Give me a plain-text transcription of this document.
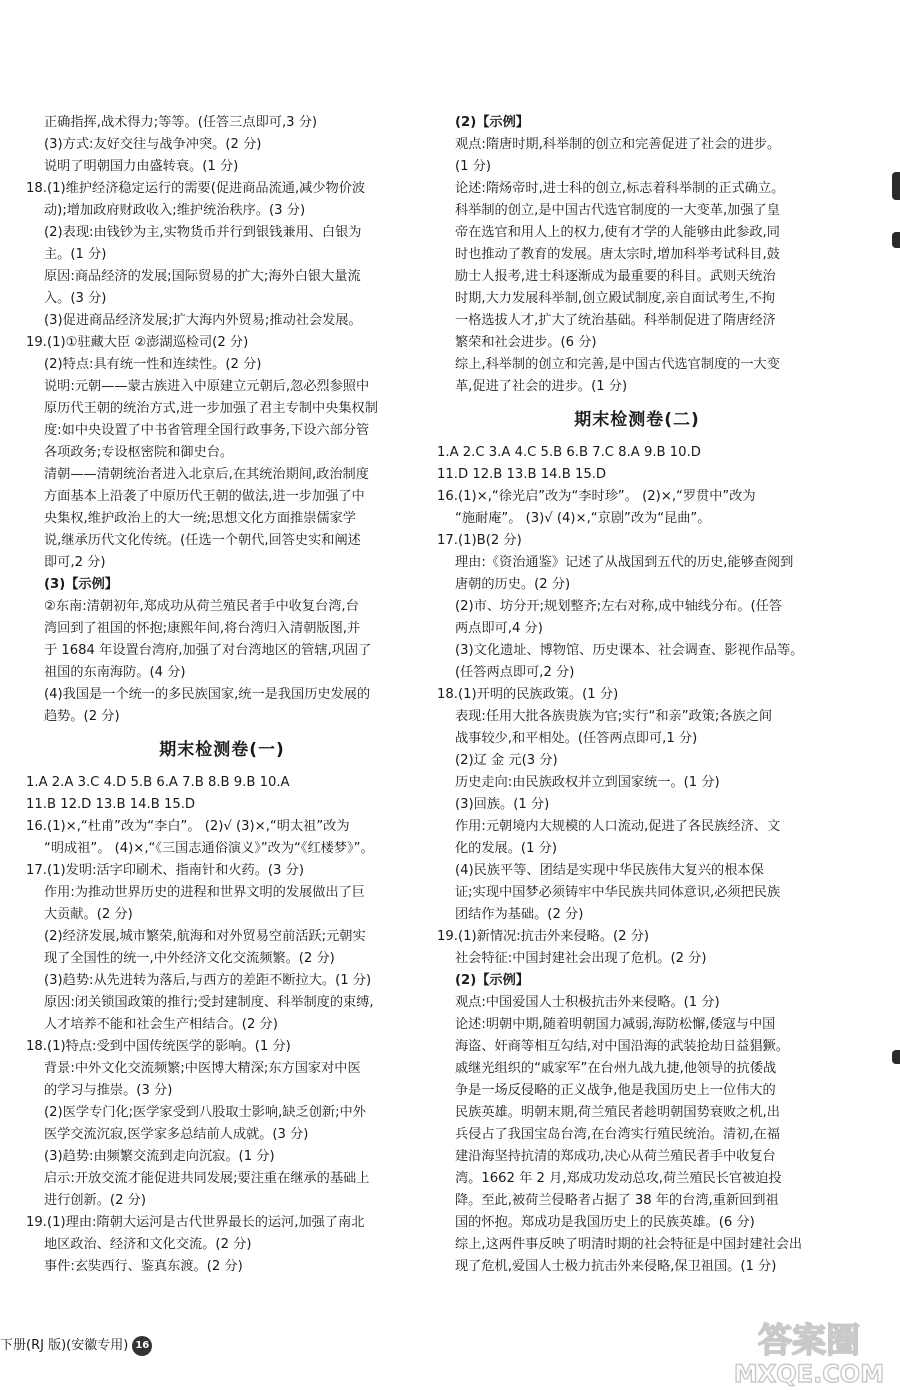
正确指挥,战术得力;等等。(任答三点即可,3 分)
(3)方式:友好交往与战争冲突。(2 分)
说明了明朝国力由盛转衰。(1 分)
18.(1)维护经济稳定运行的需要(促进商品流通,减少物价波
动);增加政府财政收入;维护统治秩序。(3 分)
(2)表现:由钱钞为主,实物货币并行到银钱兼用、白银为
主。(1 分)
原因:商品经济的发展;国际贸易的扩大;海外白银大量流
入。(3 分)
(3)促进商品经济发展;扩大海内外贸易;推动社会发展。
19.(1)①驻藏大臣 ②澎湖巡检司(2 分)
(2)特点:具有统一性和连续性。(2 分)
说明:元朝——蒙古族进入中原建立元朝后,忽必烈参照中
原历代王朝的统治方式,进一步加强了君主专制中央集权制
度:如中央设置了中书省管理全国行政事务,下设六部分管
各项政务;专设枢密院和御史台。
清朝——清朝统治者进入北京后,在其统治期间,政治制度
方面基本上沿袭了中原历代王朝的做法,进一步加强了中
央集权,维护政治上的大一统;思想文化方面推崇儒家学
说,继承历代文化传统。(任选一个朝代,回答史实和阐述
即可,2 分)
(3)【示例】
②东南:清朝初年,郑成功从荷兰殖民者手中收复台湾,台
湾回到了祖国的怀抱;康熙年间,将台湾归入清朝版图,并
于 1684 年设置台湾府,加强了对台湾地区的管辖,巩固了
祖国的东南海防。(4 分)
(4)我国是一个统一的多民族国家,统一是我国历史发展的
趋势。(2 分)
期末检测卷(一)
1.A 2.A 3.C 4.D 5.B 6.A 7.B 8.B 9.B 10.A
11.B 12.D 13.B 14.B 15.D
16.(1)×,“杜甫”改为“李白”。 (2)√ (3)×,“明太祖”改为
“明成祖”。 (4)×,“《三国志通俗演义》”改为“《红楼梦》”。
17.(1)发明:活字印刷术、指南针和火药。(3 分)
作用:为推动世界历史的进程和世界文明的发展做出了巨
大贡献。(2 分)
(2)经济发展,城市繁荣,航海和对外贸易空前活跃;元朝实
现了全国性的统一,中外经济文化交流频繁。(2 分)
(3)趋势:从先进转为落后,与西方的差距不断拉大。(1 分)
原因:闭关锁国政策的推行;受封建制度、科举制度的束缚,
人才培养不能和社会生产相结合。(2 分)
18.(1)特点:受到中国传统医学的影响。(1 分)
背景:中外文化交流频繁;中医博大精深;东方国家对中医
的学习与推崇。(3 分)
(2)医学专门化;医学家受到八股取士影响,缺乏创新;中外
医学交流沉寂,医学家多总结前人成就。(3 分)
(3)趋势:由频繁交流到走向沉寂。(1 分)
启示:开放交流才能促进共同发展;要注重在继承的基础上
进行创新。(2 分)
19.(1)理由:隋朝大运河是古代世界最长的运河,加强了南北
地区政治、经济和文化交流。(2 分)
事件:玄奘西行、鉴真东渡。(2 分)
(2)【示例】
观点:隋唐时期,科举制的创立和完善促进了社会的进步。
(1 分)
论述:隋炀帝时,进士科的创立,标志着科举制的正式确立。
科举制的创立,是中国古代选官制度的一大变革,加强了皇
帝在选官和用人上的权力,使有才学的人能够由此参政,同
时也推动了教育的发展。唐太宗时,增加科举考试科目,鼓
励士人报考,进士科逐渐成为最重要的科目。武则天统治
时期,大力发展科举制,创立殿试制度,亲自面试考生,不拘
一格选拔人才,扩大了统治基础。科举制促进了隋唐经济
繁荣和社会进步。(6 分)
综上,科举制的创立和完善,是中国古代选官制度的一大变
革,促进了社会的进步。(1 分)
期末检测卷(二)
1.A 2.C 3.A 4.C 5.B 6.B 7.C 8.A 9.B 10.D
11.D 12.B 13.B 14.B 15.D
16.(1)×,“徐光启”改为“李时珍”。 (2)×,“罗贯中”改为
“施耐庵”。 (3)√ (4)×,“京剧”改为“昆曲”。
17.(1)B(2 分)
理由:《资治通鉴》记述了从战国到五代的历史,能够查阅到
唐朝的历史。(2 分)
(2)市、坊分开;规划整齐;左右对称,成中轴线分布。(任答
两点即可,4 分)
(3)文化遗址、博物馆、历史课本、社会调查、影视作品等。
(任答两点即可,2 分)
18.(1)开明的民族政策。(1 分)
表现:任用大批各族贵族为官;实行“和亲”政策;各族之间
战事较少,和平相处。(任答两点即可,1 分)
(2)辽 金 元(3 分)
历史走向:由民族政权并立到国家统一。(1 分)
(3)回族。(1 分)
作用:元朝境内大规模的人口流动,促进了各民族经济、文
化的发展。(1 分)
(4)民族平等、团结是实现中华民族伟大复兴的根本保
证;实现中国梦必须铸牢中华民族共同体意识,必须把民族
团结作为基础。(2 分)
19.(1)新情况:抗击外来侵略。(2 分)
社会特征:中国封建社会出现了危机。(2 分)
(2)【示例】
观点:中国爱国人士积极抗击外来侵略。(1 分)
论述:明朝中期,随着明朝国力减弱,海防松懈,倭寇与中国
海盗、奸商等相互勾结,对中国沿海的武装抢劫日益猖獗。
戚继光组织的“戚家军”在台州九战九捷,他领导的抗倭战
争是一场反侵略的正义战争,他是我国历史上一位伟大的
民族英雄。明朝末期,荷兰殖民者趁明朝国势衰败之机,出
兵侵占了我国宝岛台湾,在台湾实行殖民统治。清初,在福
建沿海坚持抗清的郑成功,决心从荷兰殖民者手中收复台
湾。1662 年 2 月,郑成功发动总攻,荷兰殖民长官被迫投
降。至此,被荷兰侵略者占据了 38 年的台湾,重新回到祖
国的怀抱。郑成功是我国历史上的民族英雄。(6 分)
综上,这两件事反映了明清时期的社会特征是中国封建社会出
现了危机,爱国人士极力抗击外来侵略,保卫祖国。(1 分)
下册(RJ 版)(安徽专用) 16	答案圈
MXQE.COM
